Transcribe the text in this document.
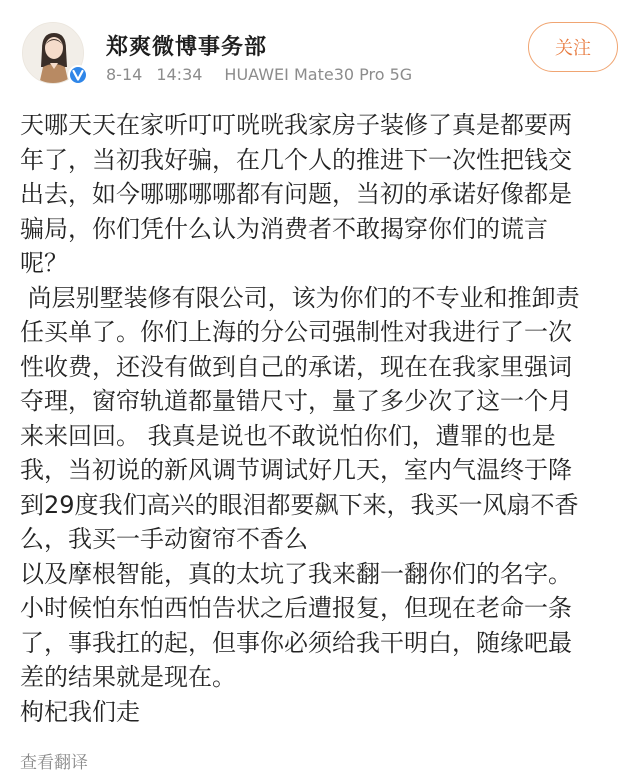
郑爽微博事务部
8-14 14:34 HUAWEI Mate30 Pro 5G
关注

天哪天天在家听叮叮咣咣我家房子装修了真是都要两

年了，当初我好骗，在几个人的推进下一次性把钱交

出去，如今哪哪哪哪都有问题，当初的承诺好像都是

骗局，你们凭什么认为消费者不敢揭穿你们的谎言

呢？

尚层别墅装修有限公司，该为你们的不专业和推卸责

任买单了。你们上海的分公司强制性对我进行了一次

性收费，还没有做到自己的承诺，现在在我家里强词

夺理，窗帘轨道都量错尺寸，量了多少次了这一个月

来来回回。 我真是说也不敢说怕你们，遭罪的也是

我，当初说的新风调节调试好几天，室内气温终于降

到29度我们高兴的眼泪都要飙下来，我买一风扇不香

么，我买一手动窗帘不香么

以及摩根智能，真的太坑了我来翻一翻你们的名字。

小时候怕东怕西怕告状之后遭报复，但现在老命一条

了，事我扛的起，但事你必须给我干明白，随缘吧最

差的结果就是现在。

枸杞我们走

查看翻译
